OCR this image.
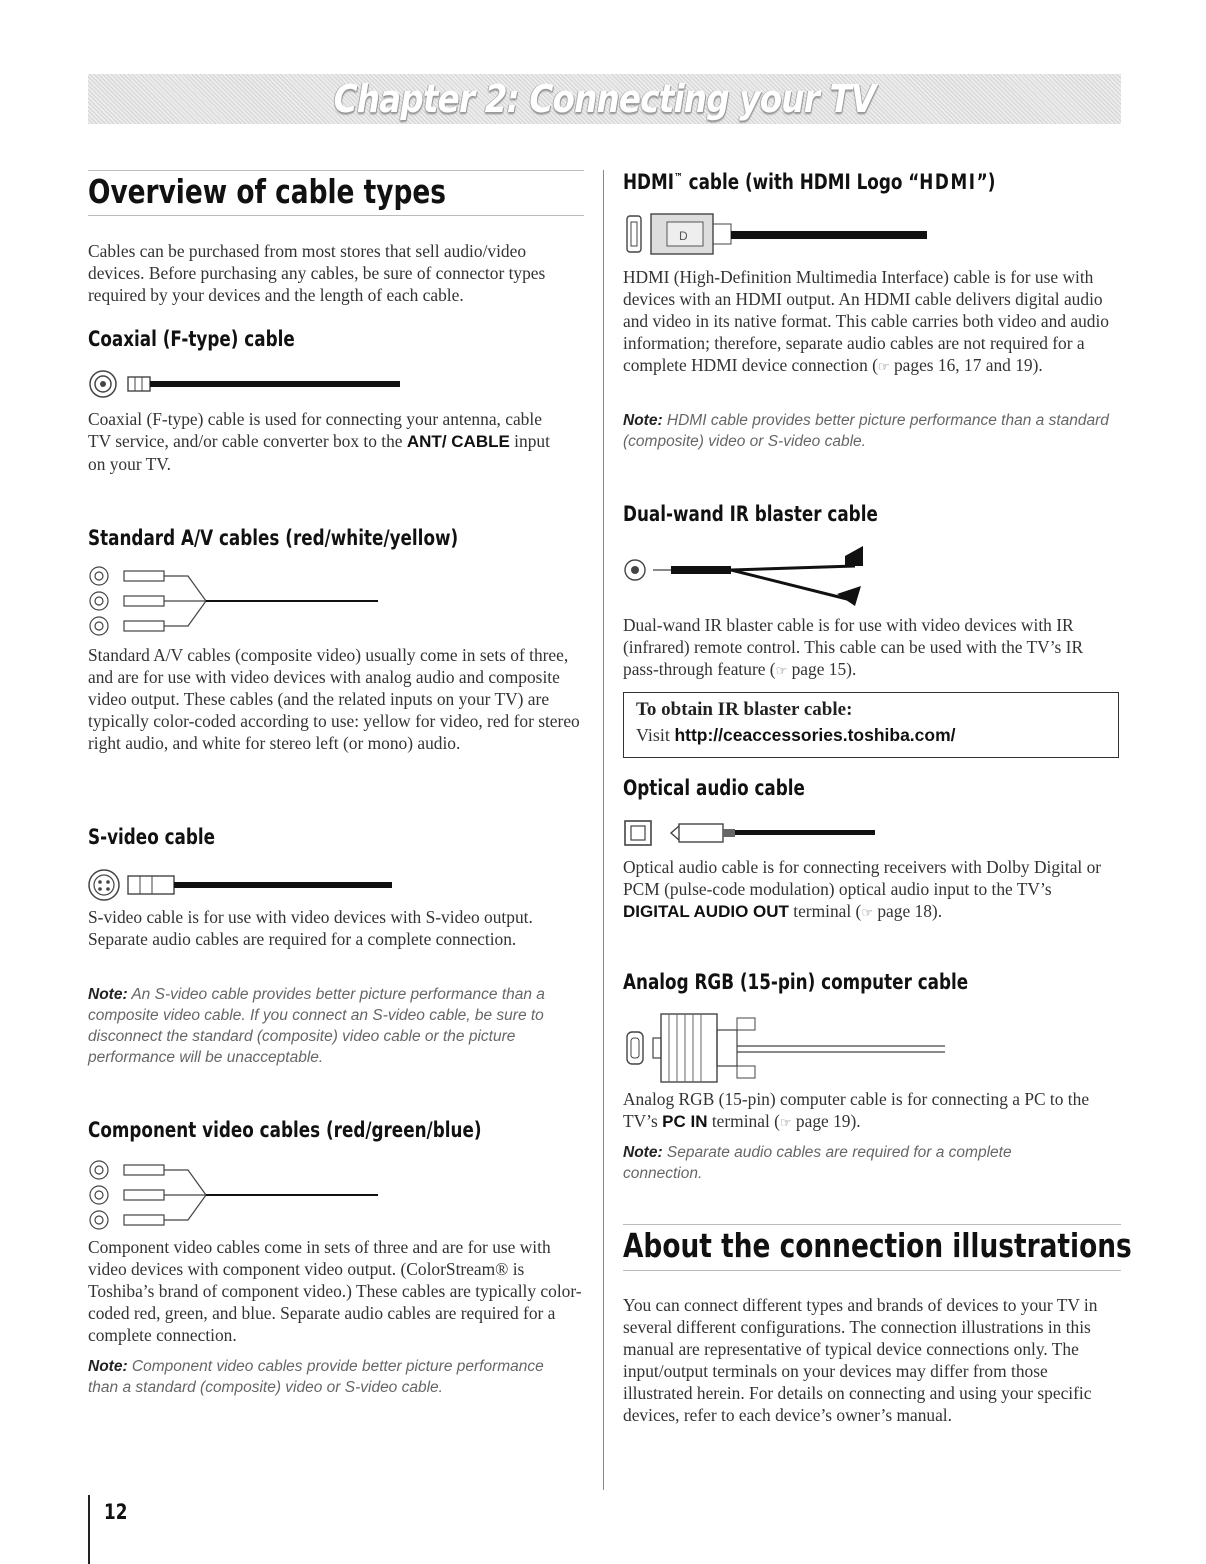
Chapter 2: Connecting your TV
Overview of cable types
Cables can be purchased from most stores that sell audio/video devices. Before purchasing any cables, be sure of connector types required by your devices and the length of each cable.
Coaxial (F-type) cable
Coaxial (F-type) cable is used for connecting your antenna, cable TV service, and/or cable converter box to the ANT/ CABLE input on your TV.
Standard A/V cables (red/white/yellow)
Standard A/V cables (composite video) usually come in sets of three, and are for use with video devices with analog audio and composite video output. These cables (and the related inputs on your TV) are typically color-coded according to use: yellow for video, red for stereo right audio, and white for stereo left (or mono) audio.
S-video cable
S-video cable is for use with video devices with S-video output. Separate audio cables are required for a complete connection.
Note: An S-video cable provides better picture performance than a composite video cable. If you connect an S-video cable, be sure to disconnect the standard (composite) video cable or the picture performance will be unacceptable.
Component video cables (red/green/blue)
Component video cables come in sets of three and are for use with video devices with component video output. (ColorStream® is Toshiba’s brand of component video.) These cables are typically color-coded red, green, and blue. Separate audio cables are required for a complete connection.
Note: Component video cables provide better picture performance than a standard (composite) video or S-video cable.
HDMI™ cable (with HDMI Logo “HDMI”)
D
HDMI (High-Definition Multimedia Interface) cable is for use with devices with an HDMI output. An HDMI cable delivers digital audio and video in its native format. This cable carries both video and audio information; therefore, separate audio cables are not required for a complete HDMI device connection (☞ pages 16, 17 and 19).
Note: HDMI cable provides better picture performance than a standard (composite) video or S-video cable.
Dual-wand IR blaster cable
Dual-wand IR blaster cable is for use with video devices with IR (infrared) remote control. This cable can be used with the TV’s IR pass-through feature (☞ page 15).
To obtain IR blaster cable:
Visit http://ceaccessories.toshiba.com/
Optical audio cable
Optical audio cable is for connecting receivers with Dolby Digital or PCM (pulse-code modulation) optical audio input to the TV’s DIGITAL AUDIO OUT terminal (☞ page 18).
Analog RGB (15-pin) computer cable
Analog RGB (15-pin) computer cable is for connecting a PC to the TV’s PC IN terminal (☞ page 19).
Note: Separate audio cables are required for a complete connection.
About the connection illustrations
You can connect different types and brands of devices to your TV in several different configurations. The connection illustrations in this manual are representative of typical device connections only. The input/output terminals on your devices may differ from those illustrated herein. For details on connecting and using your specific devices, refer to each device’s owner’s manual.
12
